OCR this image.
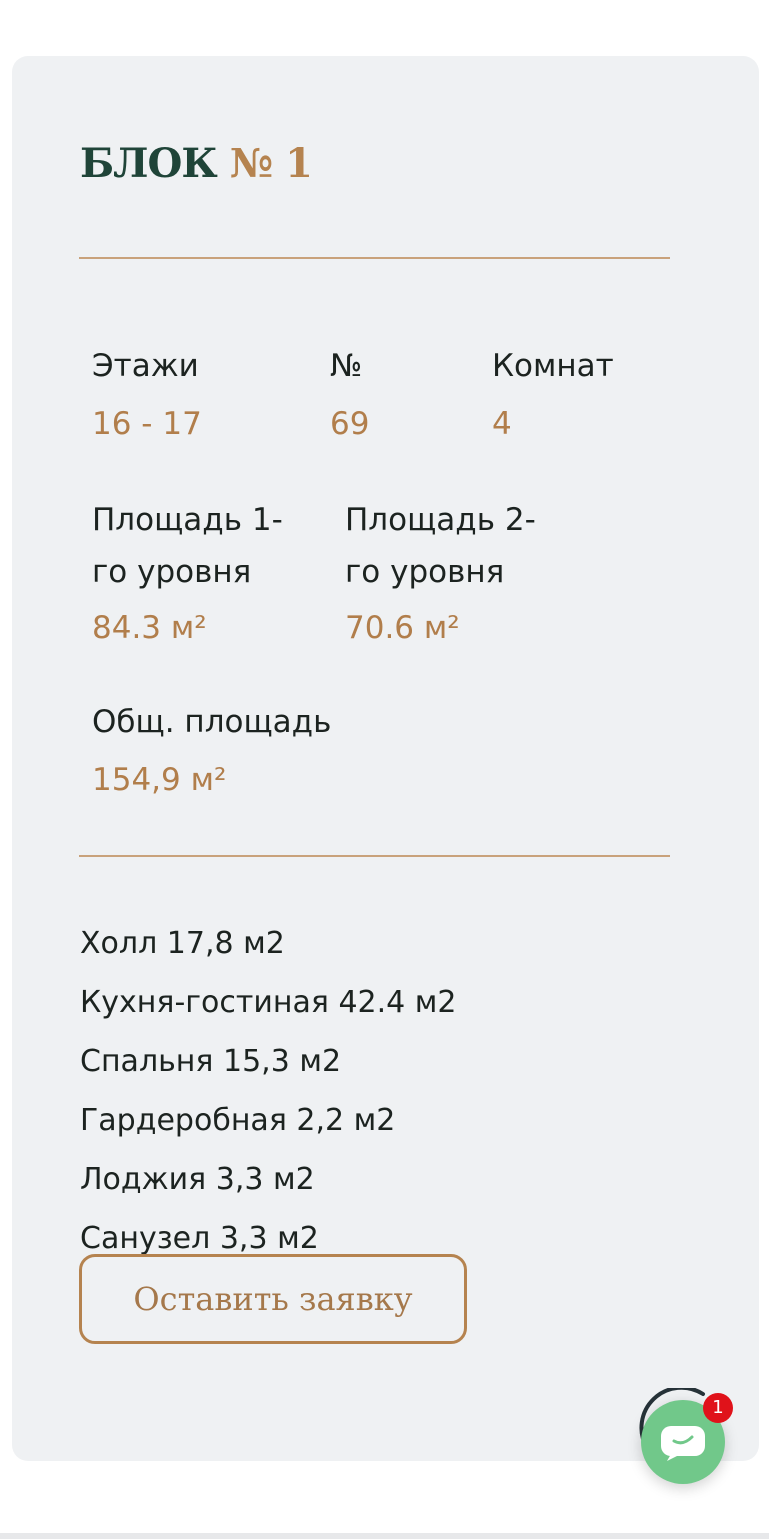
БЛОК № 1
Этажи
16 - 17
№
69
Комнат
4
Площадь 1-
го уровня
84.3 м²
Площадь 2-
го уровня
70.6 м²
Общ. площадь
154,9 м²
Холл 17,8 м2
Кухня-гостиная 42.4 м2
Спальня 15,3 м2
Гардеробная 2,2 м2
Лоджия 3,3 м2
Санузел 3,3 м2
Оставить заявку
1
